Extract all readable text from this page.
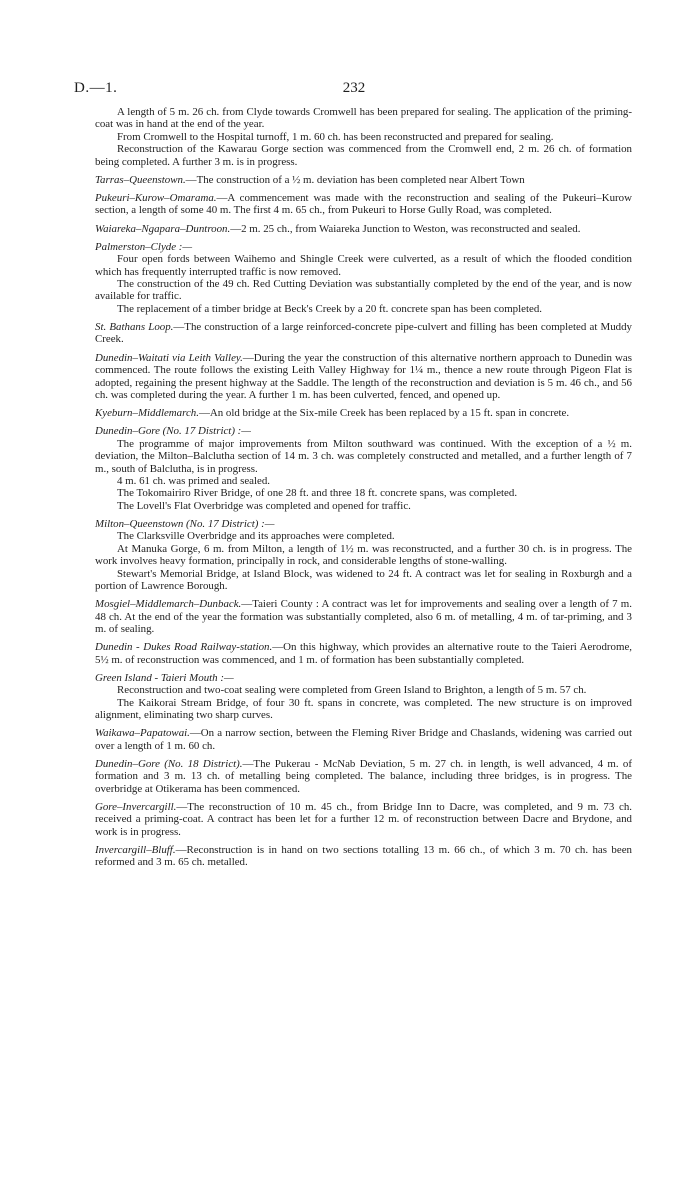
D.—1.	232

A length of 5 m. 26 ch. from Clyde towards Cromwell has been prepared for sealing. The application of the priming-coat was in hand at the end of the year.

From Cromwell to the Hospital turnoff, 1 m. 60 ch. has been reconstructed and prepared for sealing.

Reconstruction of the Kawarau Gorge section was commenced from the Cromwell end, 2 m. 26 ch. of formation being completed. A further 3 m. is in progress.

Tarras–Queenstown.—The construction of a ½ m. deviation has been completed near Albert Town

Pukeuri–Kurow–Omarama.—A commencement was made with the reconstruction and sealing of the Pukeuri–Kurow section, a length of some 40 m. The first 4 m. 65 ch., from Pukeuri to Horse Gully Road, was completed.

Waiareka–Ngapara–Duntroon.—2 m. 25 ch., from Waiareka Junction to Weston, was reconstructed and sealed.

Palmerston–Clyde :—

Four open fords between Waihemo and Shingle Creek were culverted, as a result of which the flooded condition which has frequently interrupted traffic is now removed.

The construction of the 49 ch. Red Cutting Deviation was substantially completed by the end of the year, and is now available for traffic.

The replacement of a timber bridge at Beck's Creek by a 20 ft. concrete span has been completed.

St. Bathans Loop.—The construction of a large reinforced-concrete pipe-culvert and filling has been completed at Muddy Creek.

Dunedin–Waitati via Leith Valley.—During the year the construction of this alternative northern approach to Dunedin was commenced. The route follows the existing Leith Valley Highway for 1¼ m., thence a new route through Pigeon Flat is adopted, regaining the present highway at the Saddle. The length of the reconstruction and deviation is 5 m. 46 ch., and 56 ch. was completed during the year. A further 1 m. has been culverted, fenced, and opened up.

Kyeburn–Middlemarch.—An old bridge at the Six-mile Creek has been replaced by a 15 ft. span in concrete.

Dunedin–Gore (No. 17 District) :—

The programme of major improvements from Milton southward was continued. With the exception of a ½ m. deviation, the Milton–Balclutha section of 14 m. 3 ch. was completely constructed and metalled, and a further length of 7 m., south of Balclutha, is in progress.

4 m. 61 ch. was primed and sealed.

The Tokomairiro River Bridge, of one 28 ft. and three 18 ft. concrete spans, was completed.

The Lovell's Flat Overbridge was completed and opened for traffic.

Milton–Queenstown (No. 17 District) :—

The Clarksville Overbridge and its approaches were completed.

At Manuka Gorge, 6 m. from Milton, a length of 1½ m. was reconstructed, and a further 30 ch. is in progress. The work involves heavy formation, principally in rock, and considerable lengths of stone-walling.

Stewart's Memorial Bridge, at Island Block, was widened to 24 ft. A contract was let for sealing in Roxburgh and a portion of Lawrence Borough.

Mosgiel–Middlemarch–Dunback.—Taieri County : A contract was let for improvements and sealing over a length of 7 m. 48 ch. At the end of the year the formation was substantially completed, also 6 m. of metalling, 4 m. of tar-priming, and 3 m. of sealing.

Dunedin - Dukes Road Railway-station.—On this highway, which provides an alternative route to the Taieri Aerodrome, 5½ m. of reconstruction was commenced, and 1 m. of formation has been substantially completed.

Green Island - Taieri Mouth :—

Reconstruction and two-coat sealing were completed from Green Island to Brighton, a length of 5 m. 57 ch.

The Kaikorai Stream Bridge, of four 30 ft. spans in concrete, was completed. The new structure is on improved alignment, eliminating two sharp curves.

Waikawa–Papatowai.—On a narrow section, between the Fleming River Bridge and Chaslands, widening was carried out over a length of 1 m. 60 ch.

Dunedin–Gore (No. 18 District).—The Pukerau - McNab Deviation, 5 m. 27 ch. in length, is well advanced, 4 m. of formation and 3 m. 13 ch. of metalling being completed. The balance, including three bridges, is in progress. The overbridge at Otikerama has been commenced.

Gore–Invercargill.—The reconstruction of 10 m. 45 ch., from Bridge Inn to Dacre, was completed, and 9 m. 73 ch. received a priming-coat. A contract has been let for a further 12 m. of reconstruction between Dacre and Brydone, and work is in progress.

Invercargill–Bluff.—Reconstruction is in hand on two sections totalling 13 m. 66 ch., of which 3 m. 70 ch. has been reformed and 3 m. 65 ch. metalled.
